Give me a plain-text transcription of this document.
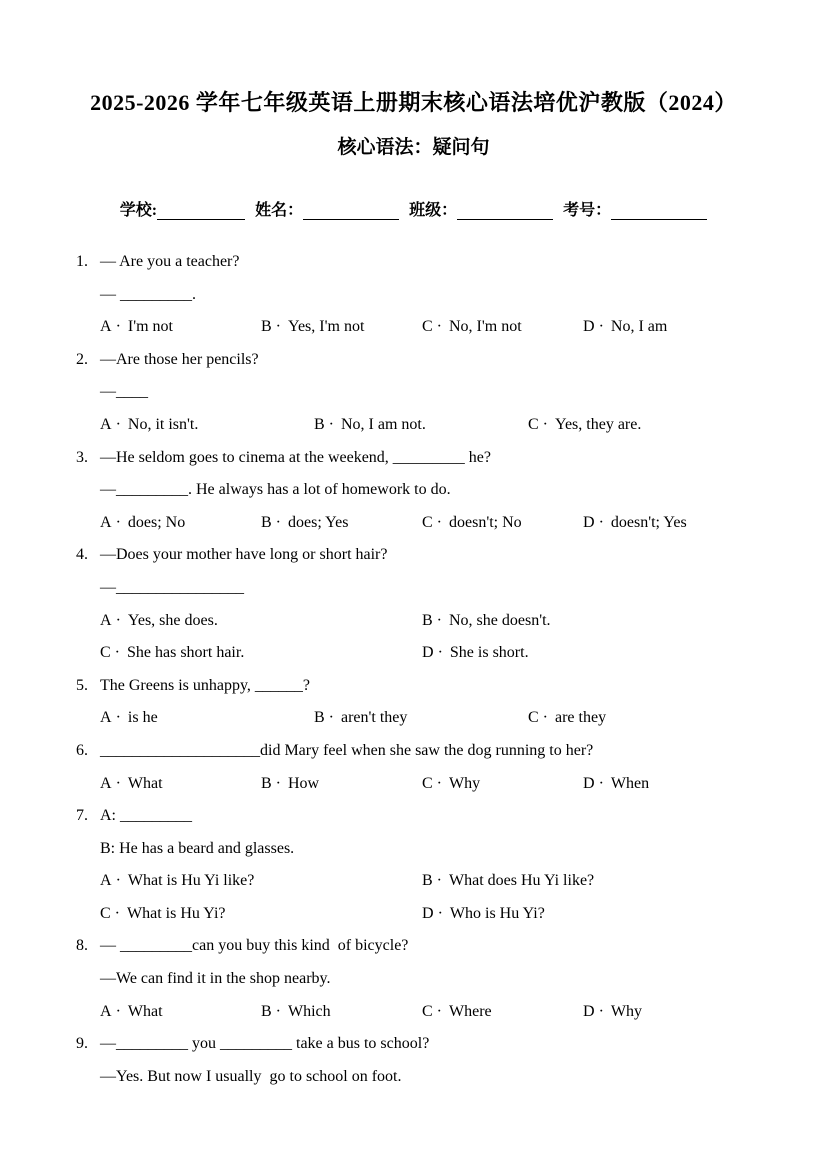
2025-2026 学年七年级英语上册期末核心语法培优沪教版（2024）
核心语法：疑问句
学校:	姓名：	班级：	考号：
1. — Are you a teacher?
— _________.
A · I'm not	B · Yes, I'm not	C · No, I'm not	D · No, I am
2. —Are those her pencils?
—____
A · No, it isn't.	B · No, I am not.	C · Yes, they are.
3. —He seldom goes to cinema at the weekend, _________ he?
—_________. He always has a lot of homework to do.
A · does; No	B · does; Yes	C · doesn't; No	D · doesn't; Yes
4. —Does your mother have long or short hair?
—________________
A · Yes, she does.	B · No, she doesn't.
C · She has short hair.	D · She is short.
5. The Greens is unhappy, ______?
A · is he	B · aren't they	C · are they
6. ____________________did Mary feel when she saw the dog running to her?
A · What	B · How	C · Why	D · When
7. A: _________
B: He has a beard and glasses.
A · What is Hu Yi like?	B · What does Hu Yi like?
C · What is Hu Yi?	D · Who is Hu Yi?
8. — _________can you buy this kind  of bicycle?
—We can find it in the shop nearby.
A · What	B · Which	C · Where	D · Why
9. —_________ you _________ take a bus to school?
—Yes. But now I usually  go to school on foot.
